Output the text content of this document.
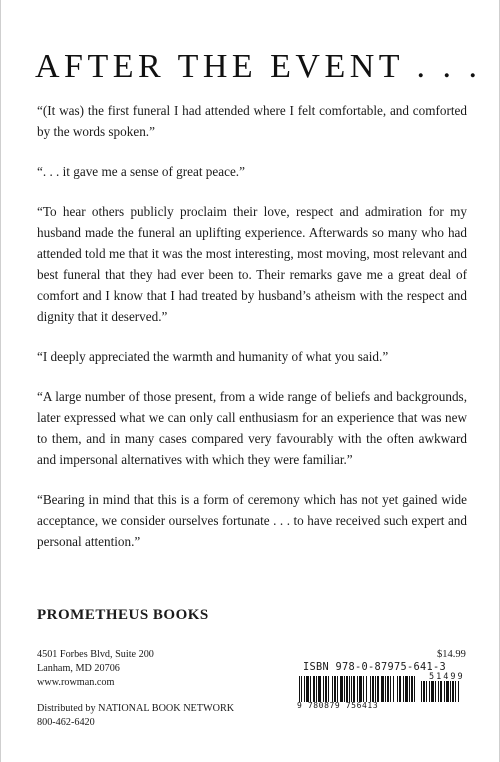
AFTER THE EVENT . . .

“(It was) the first funeral I had attended where I felt comfortable, and comforted by the words spoken.”

“. . . it gave me a sense of great peace.”

“To hear others publicly proclaim their love, respect and admiration for my husband made the funeral an uplifting experience. Afterwards so many who had attended told me that it was the most interesting, most moving, most relevant and best funeral that they had ever been to. Their remarks gave me a great deal of comfort and I know that I had treated by husband’s atheism with the respect and dignity that it deserved.”

“I deeply appreciated the warmth and humanity of what you said.”

“A large number of those present, from a wide range of beliefs and backgrounds, later expressed what we can only call enthusiasm for an experience that was new to them, and in many cases compared very favourably with the often awkward and impersonal alternatives with which they were familiar.”

“Bearing in mind that this is a form of ceremony which has not yet gained wide acceptance, we consider ourselves fortunate . . . to have received such expert and personal attention.”

PROMETHEUS BOOKS
4501 Forbes Blvd, Suite 200
Lanham, MD 20706
www.rowman.com
Distributed by NATIONAL BOOK NETWORK
800-462-6420
$14.99
ISBN 978-0-87975-641-3
9 780879 756413
51499
